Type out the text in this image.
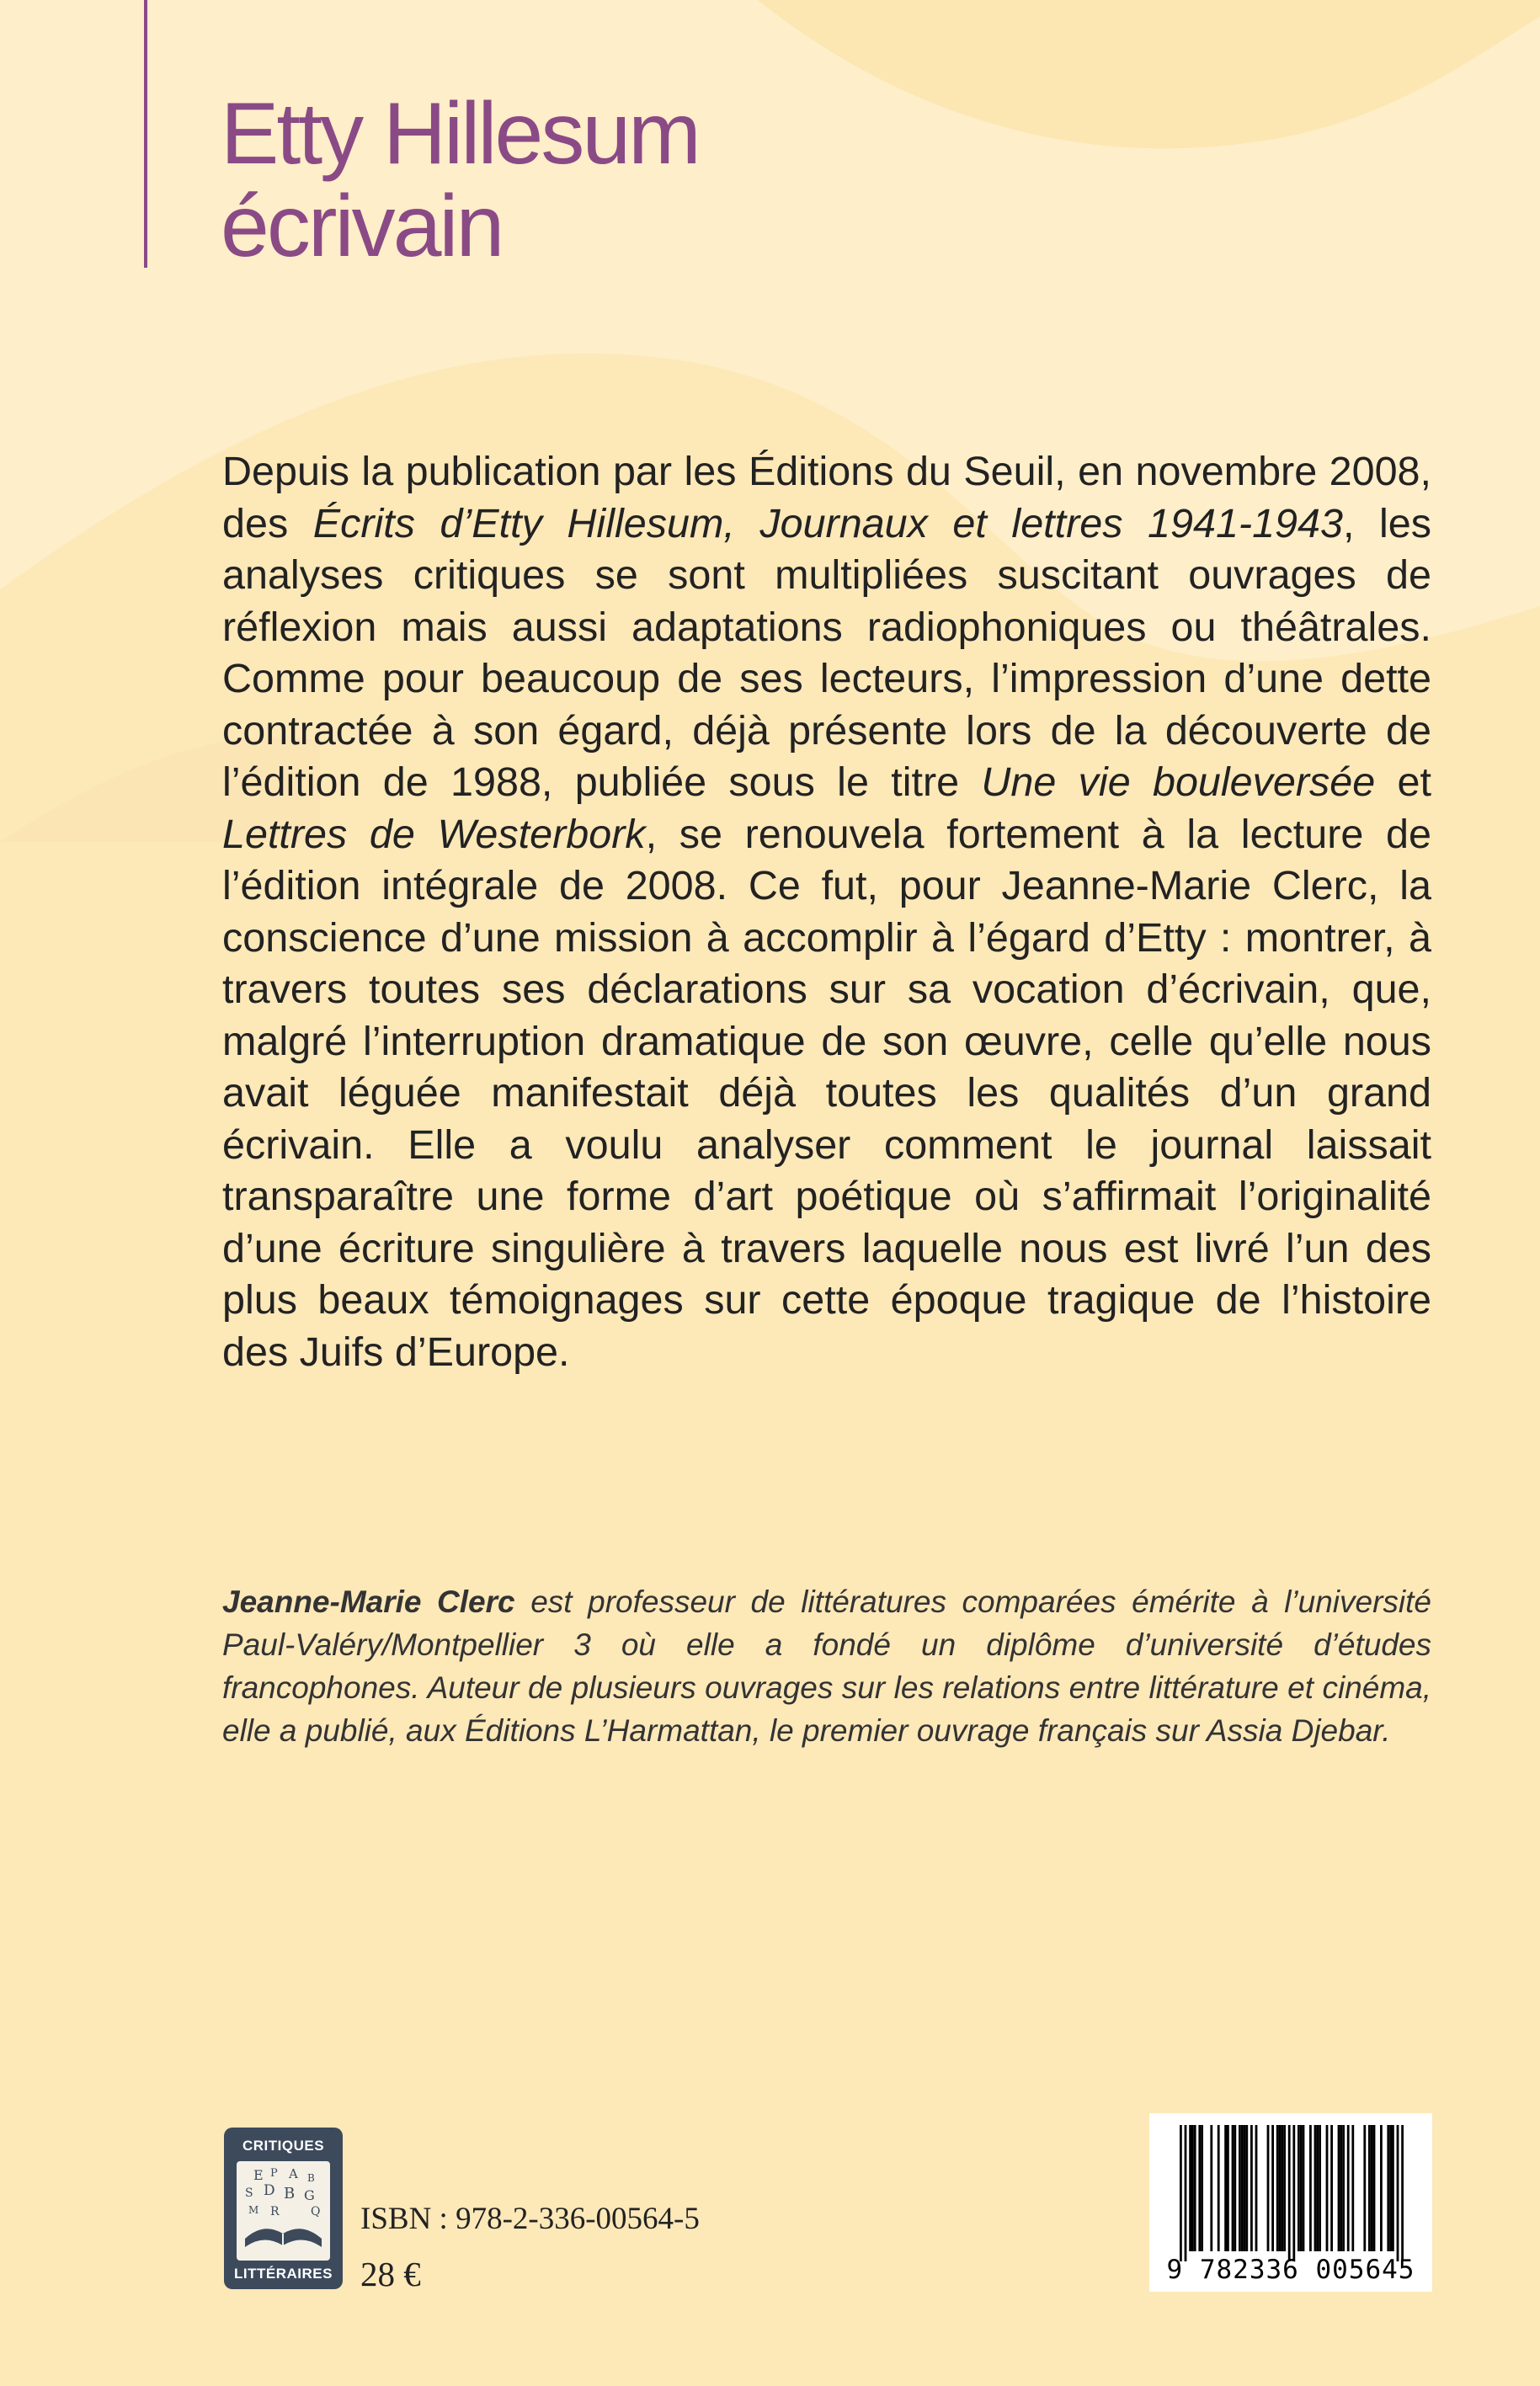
Etty Hillesum
écrivain

Depuis la publication par les Éditions du Seuil, en novembre 2008, des Écrits d’Etty Hillesum, Journaux et lettres 1941-1943, les analyses critiques se sont multipliées suscitant ouvrages de réflexion mais aussi adaptations radiophoniques ou théâtrales. Comme pour beaucoup de ses lecteurs, l’impression d’une dette contractée à son égard, déjà présente lors de la découverte de l’édition de 1988, publiée sous le titre Une vie bouleversée et Lettres de Westerbork, se renouvela fortement à la lecture de l’édition intégrale de 2008. Ce fut, pour Jeanne-Marie Clerc, la conscience d’une mission à accomplir à l’égard d’Etty : montrer, à travers toutes ses déclarations sur sa vocation d’écrivain, que, malgré l’interruption dramatique de son œuvre, celle qu’elle nous avait léguée manifestait déjà toutes les qualités d’un grand écrivain. Elle a voulu analyser comment le journal laissait transparaître une forme d’art poétique où s’affirmait l’originalité d’une écriture singulière à travers laquelle nous est livré l’un des plus beaux témoignages sur cette époque tragique de l’histoire des Juifs d’Europe.

Jeanne-Marie Clerc est professeur de littératures comparées émérite à l’université Paul-Valéry/Montpellier 3 où elle a fondé un diplôme d’université d’études francophones. Auteur de plusieurs ouvrages sur les relations entre littérature et cinéma, elle a publié, aux Éditions L’Harmattan, le premier ouvrage français sur Assia Djebar.

CRITIQUES
E P A B
S D B G
M R	Q
LITTÉRAIRES
ISBN : 978-2-336-00564-5
28 €	9 782336 005645
